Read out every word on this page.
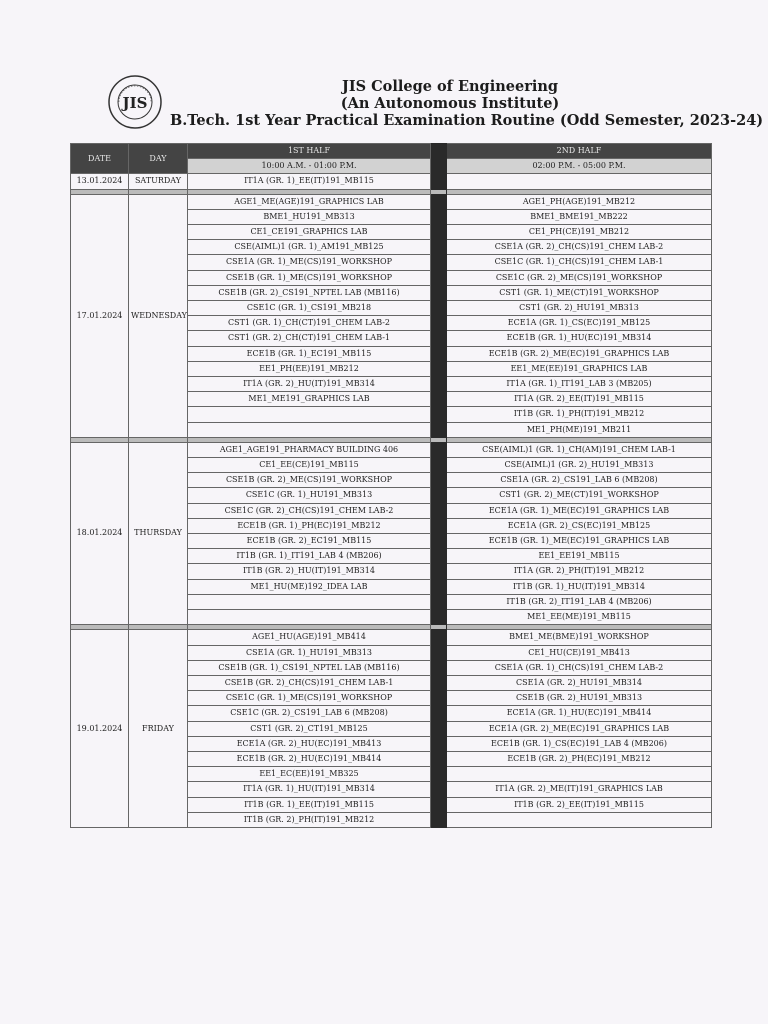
JIS
JIS College of Engineering
(An Autonomous Institute)
B.Tech. 1st Year Practical Examination Routine (Odd Semester, 2023-24)
DATE	DAY	1ST HALF		2ND HALF
		10:00 A.M. - 01:00 P.M.		02:00 P.M. - 05:00 P.M.
13.01.2024	SATURDAY	IT1A (GR. 1)_EE(IT)191_MB115		

17.01.2024	WEDNESDAY	AGE1_ME(AGE)191_GRAPHICS LAB		AGE1_PH(AGE)191_MB212
		BME1_HU191_MB313		BME1_BME191_MB222
		CE1_CE191_GRAPHICS LAB		CE1_PH(CE)191_MB212
		CSE(AIML)1 (GR. 1)_AM191_MB125		CSE1A (GR. 2)_CH(CS)191_CHEM LAB-2
		CSE1A (GR. 1)_ME(CS)191_WORKSHOP		CSE1C (GR. 1)_CH(CS)191_CHEM LAB-1
		CSE1B (GR. 1)_ME(CS)191_WORKSHOP		CSE1C (GR. 2)_ME(CS)191_WORKSHOP
		CSE1B (GR. 2)_CS191_NPTEL LAB (MB116)		CST1 (GR. 1)_ME(CT)191_WORKSHOP
		CSE1C (GR. 1)_CS191_MB218		CST1 (GR. 2)_HU191_MB313
		CST1 (GR. 1)_CH(CT)191_CHEM LAB-2		ECE1A (GR. 1)_CS(EC)191_MB125
		CST1 (GR. 2)_CH(CT)191_CHEM LAB-1		ECE1B (GR. 1)_HU(EC)191_MB314
		ECE1B (GR. 1)_EC191_MB115		ECE1B (GR. 2)_ME(EC)191_GRAPHICS LAB
		EE1_PH(EE)191_MB212		EE1_ME(EE)191_GRAPHICS LAB
		IT1A (GR. 2)_HU(IT)191_MB314		IT1A (GR. 1)_IT191_LAB 3 (MB205)
		ME1_ME191_GRAPHICS LAB		IT1A (GR. 2)_EE(IT)191_MB115
				IT1B (GR. 1)_PH(IT)191_MB212
				ME1_PH(ME)191_MB211

18.01.2024	THURSDAY	AGE1_AGE191_PHARMACY BUILDING 406		CSE(AIML)1 (GR. 1)_CH(AM)191_CHEM LAB-1
		CE1_EE(CE)191_MB115		CSE(AIML)1 (GR. 2)_HU191_MB313
		CSE1B (GR. 2)_ME(CS)191_WORKSHOP		CSE1A (GR. 2)_CS191_LAB 6 (MB208)
		CSE1C (GR. 1)_HU191_MB313		CST1 (GR. 2)_ME(CT)191_WORKSHOP
		CSE1C (GR. 2)_CH(CS)191_CHEM LAB-2		ECE1A (GR. 1)_ME(EC)191_GRAPHICS LAB
		ECE1B (GR. 1)_PH(EC)191_MB212		ECE1A (GR. 2)_CS(EC)191_MB125
		ECE1B (GR. 2)_EC191_MB115		ECE1B (GR. 1)_ME(EC)191_GRAPHICS LAB
		IT1B (GR. 1)_IT191_LAB 4 (MB206)		EE1_EE191_MB115
		IT1B (GR. 2)_HU(IT)191_MB314		IT1A (GR. 2)_PH(IT)191_MB212
		ME1_HU(ME)192_IDEA LAB		IT1B (GR. 1)_HU(IT)191_MB314
				IT1B (GR. 2)_IT191_LAB 4 (MB206)
				ME1_EE(ME)191_MB115

19.01.2024	FRIDAY	AGE1_HU(AGE)191_MB414		BME1_ME(BME)191_WORKSHOP
		CSE1A (GR. 1)_HU191_MB313		CE1_HU(CE)191_MB413
		CSE1B (GR. 1)_CS191_NPTEL LAB (MB116)		CSE1A (GR. 1)_CH(CS)191_CHEM LAB-2
		CSE1B (GR. 2)_CH(CS)191_CHEM LAB-1		CSE1A (GR. 2)_HU191_MB314
		CSE1C (GR. 1)_ME(CS)191_WORKSHOP		CSE1B (GR. 2)_HU191_MB313
		CSE1C (GR. 2)_CS191_LAB 6 (MB208)		ECE1A (GR. 1)_HU(EC)191_MB414
		CST1 (GR. 2)_CT191_MB125		ECE1A (GR. 2)_ME(EC)191_GRAPHICS LAB
		ECE1A (GR. 2)_HU(EC)191_MB413		ECE1B (GR. 1)_CS(EC)191_LAB 4 (MB206)
		ECE1B (GR. 2)_HU(EC)191_MB414		ECE1B (GR. 2)_PH(EC)191_MB212
		EE1_EC(EE)191_MB325		
		IT1A (GR. 1)_HU(IT)191_MB314		IT1A (GR. 2)_ME(IT)191_GRAPHICS LAB
		IT1B (GR. 1)_EE(IT)191_MB115		IT1B (GR. 2)_EE(IT)191_MB115
		IT1B (GR. 2)_PH(IT)191_MB212		
